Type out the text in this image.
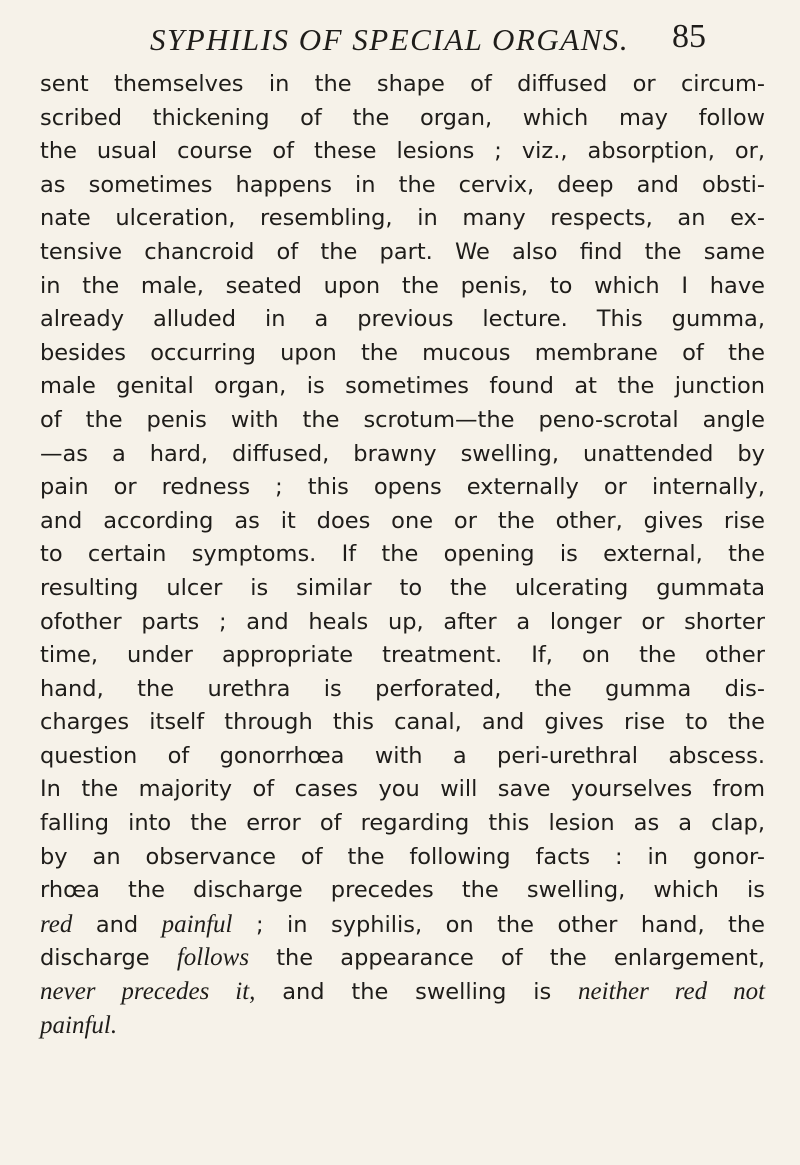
SYPHILIS OF SPECIAL ORGANS. 85
sent themselves in the shape of diffused or circum-
scribed thickening of the organ, which may follow
the usual course of these lesions ; viz., absorption, or,
as sometimes happens in the cervix, deep and obsti-
nate ulceration, resembling, in many respects, an ex-
tensive chancroid of the part. We also find the same
in the male, seated upon the penis, to which I have
already alluded in a previous lecture. This gumma,
besides occurring upon the mucous membrane of the
male genital organ, is sometimes found at the junction
of the penis with the scrotum—the peno-scrotal angle
—as a hard, diffused, brawny swelling, unattended by
pain or redness ; this opens externally or internally,
and according as it does one or the other, gives rise
to certain symptoms. If the opening is external, the
resulting ulcer is similar to the ulcerating gummata
ofother parts ; and heals up, after a longer or shorter
time, under appropriate treatment. If, on the other
hand, the urethra is perforated, the gumma dis-
charges itself through this canal, and gives rise to the
question of gonorrhœa with a peri-urethral abscess.
In the majority of cases you will save yourselves from
falling into the error of regarding this lesion as a clap,
by an observance of the following facts : in gonor-
rhœa the discharge precedes the swelling, which is
red and painful ; in syphilis, on the other hand, the
discharge follows the appearance of the enlargement,
never precedes it, and the swelling is neither red not
painful.
